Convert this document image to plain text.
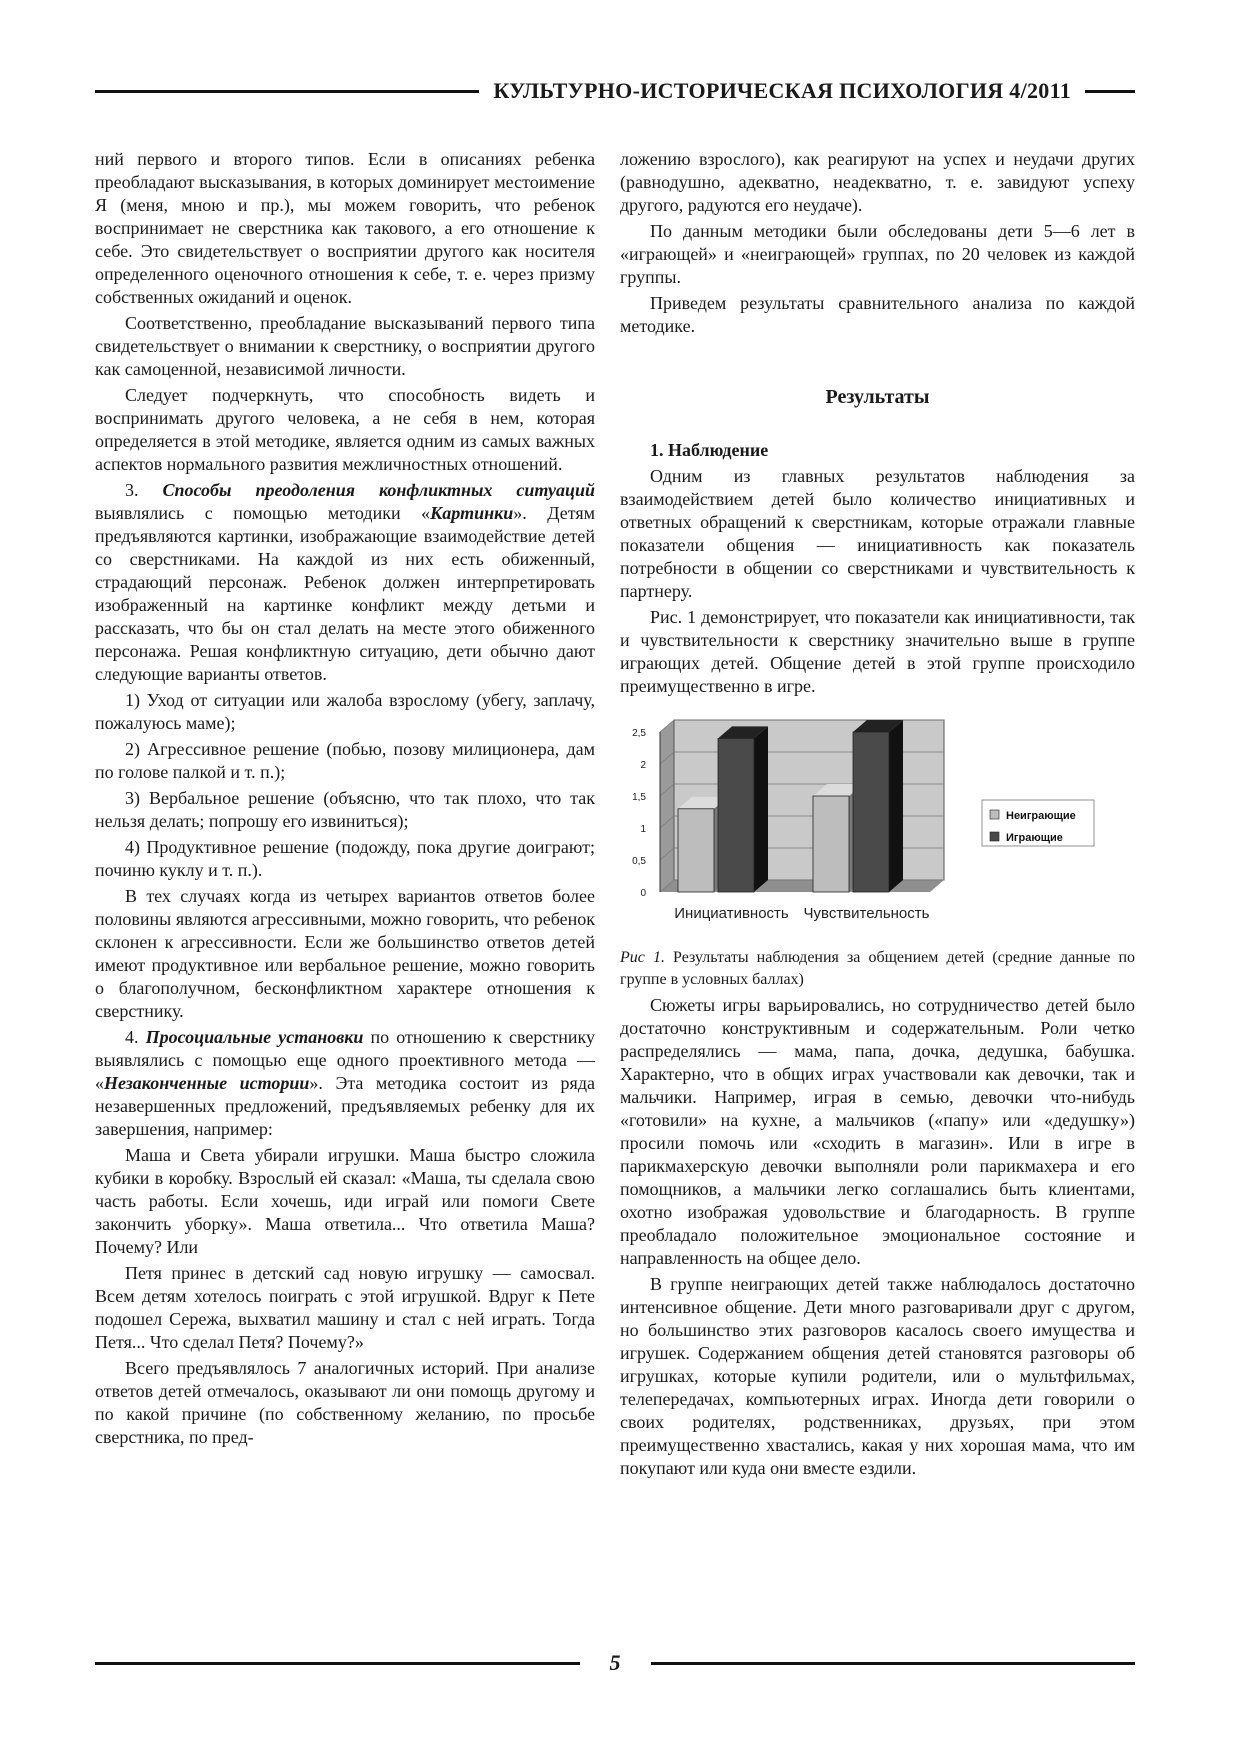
КУЛЬТУРНО-ИСТОРИЧЕСКАЯ ПСИХОЛОГИЯ 4/2011

ний первого и второго типов. Если в описаниях ребенка преобладают высказывания, в которых доминирует местоимение Я (меня, мною и пр.), мы можем говорить, что ребенок воспринимает не сверстника как такового, а его отношение к себе. Это свидетельствует о восприятии другого как носителя определенного оценочного отношения к себе, т. е. через призму собственных ожиданий и оценок.

Соответственно, преобладание высказываний первого типа свидетельствует о внимании к сверстнику, о восприятии другого как самоценной, независимой личности.

Следует подчеркнуть, что способность видеть и воспринимать другого человека, а не себя в нем, которая определяется в этой методике, является одним из самых важных аспектов нормального развития межличностных отношений.

3. Способы преодоления конфликтных ситуаций выявлялись с помощью методики «Картинки». Детям предъявляются картинки, изображающие взаимодействие детей со сверстниками. На каждой из них есть обиженный, страдающий персонаж. Ребенок должен интерпретировать изображенный на картинке конфликт между детьми и рассказать, что бы он стал делать на месте этого обиженного персонажа. Решая конфликтную ситуацию, дети обычно дают следующие варианты ответов.

1) Уход от ситуации или жалоба взрослому (убегу, заплачу, пожалуюсь маме);

2) Агрессивное решение (побью, позову милиционера, дам по голове палкой и т. п.);

3) Вербальное решение (объясню, что так плохо, что так нельзя делать; попрошу его извиниться);

4) Продуктивное решение (подожду, пока другие доиграют; починю куклу и т. п.).

В тех случаях когда из четырех вариантов ответов более половины являются агрессивными, можно говорить, что ребенок склонен к агрессивности. Если же большинство ответов детей имеют продуктивное или вербальное решение, можно говорить о благополучном, бесконфликтном характере отношения к сверстнику.

4. Просоциальные установки по отношению к сверстнику выявлялись с помощью еще одного проективного метода — «Незаконченные истории». Эта методика состоит из ряда незавершенных предложений, предъявляемых ребенку для их завершения, например:

Маша и Света убирали игрушки. Маша быстро сложила кубики в коробку. Взрослый ей сказал: «Маша, ты сделала свою часть работы. Если хочешь, иди играй или помоги Свете закончить уборку». Маша ответила... Что ответила Маша? Почему? Или

Петя принес в детский сад новую игрушку — самосвал. Всем детям хотелось поиграть с этой игрушкой. Вдруг к Пете подошел Сережа, выхватил машину и стал с ней играть. Тогда Петя... Что сделал Петя? Почему?»

Всего предъявлялось 7 аналогичных историй. При анализе ответов детей отмечалось, оказывают ли они помощь другому и по какой причине (по собственному желанию, по просьбе сверстника, по пред-

ложению взрослого), как реагируют на успех и неудачи других (равнодушно, адекватно, неадекватно, т. е. завидуют успеху другого, радуются его неудаче).

По данным методики были обследованы дети 5—6 лет в «играющей» и «неиграющей» группах, по 20 человек из каждой группы.

Приведем результаты сравнительного анализа по каждой методике.

Результаты

1. Наблюдение

Одним из главных результатов наблюдения за взаимодействием детей было количество инициативных и ответных обращений к сверстникам, которые отражали главные показатели общения — инициативность как показатель потребности в общении со сверстниками и чувствительность к партнеру.

Рис. 1 демонстрирует, что показатели как инициативности, так и чувствительности к сверстнику значительно выше в группе играющих детей. Общение детей в этой группе происходило преимущественно в игре.

0
0,5
1
1,5
2
2,5
Инициативность Чувствительность
Неиграющие
Играющие

Рис 1. Результаты наблюдения за общением детей (средние данные по группе в условных баллах)

Сюжеты игры варьировались, но сотрудничество детей было достаточно конструктивным и содержательным. Роли четко распределялись — мама, папа, дочка, дедушка, бабушка. Характерно, что в общих играх участвовали как девочки, так и мальчики. Например, играя в семью, девочки что-нибудь «готовили» на кухне, а мальчиков («папу» или «дедушку») просили помочь или «сходить в магазин». Или в игре в парикмахерскую девочки выполняли роли парикмахера и его помощников, а мальчики легко соглашались быть клиентами, охотно изображая удовольствие и благодарность. В группе преобладало положительное эмоциональное состояние и направленность на общее дело.

В группе неиграющих детей также наблюдалось достаточно интенсивное общение. Дети много разговаривали друг с другом, но большинство этих разговоров касалось своего имущества и игрушек. Содержанием общения детей становятся разговоры об игрушках, которые купили родители, или о мультфильмах, телепередачах, компьютерных играх. Иногда дети говорили о своих родителях, родственниках, друзьях, при этом преимущественно хвастались, какая у них хорошая мама, что им покупают или куда они вместе ездили.

5
